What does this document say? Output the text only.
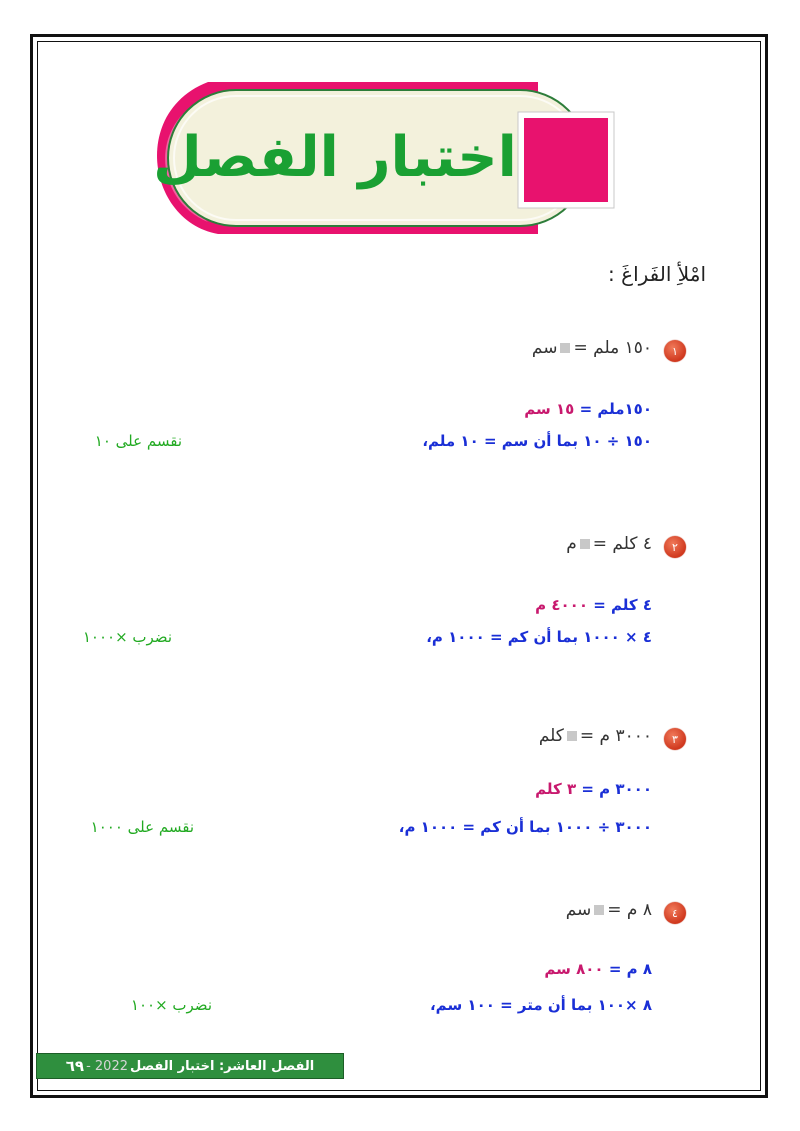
اختبار الفصل
امْلأِ الفَراغَ :
١
١٥٠ ملم =سم
١٥٠ملم = ١٥ سم
١٥٠ ÷ ١٠ بما أن سم = ١٠ ملم،
نقسم على ١٠
٢
٤ كلم =م
٤ كلم = ٤٠٠٠ م
٤ × ١٠٠٠ بما أن كم = ١٠٠٠ م،
نضرب ×١٠٠٠
٣
٣٠٠٠ م =كلم
٣٠٠٠ م = ٣ كلم
٣٠٠٠ ÷ ١٠٠٠ بما أن كم = ١٠٠٠ م،
نقسم على ١٠٠٠
٤
٨ م =سم
٨ م = ٨٠٠ سم
٨ ×١٠٠ بما أن متر = ١٠٠ سم،
نضرب ×١٠٠
الفصل العاشر: اختبار الفصل
2022 -
٦٩
